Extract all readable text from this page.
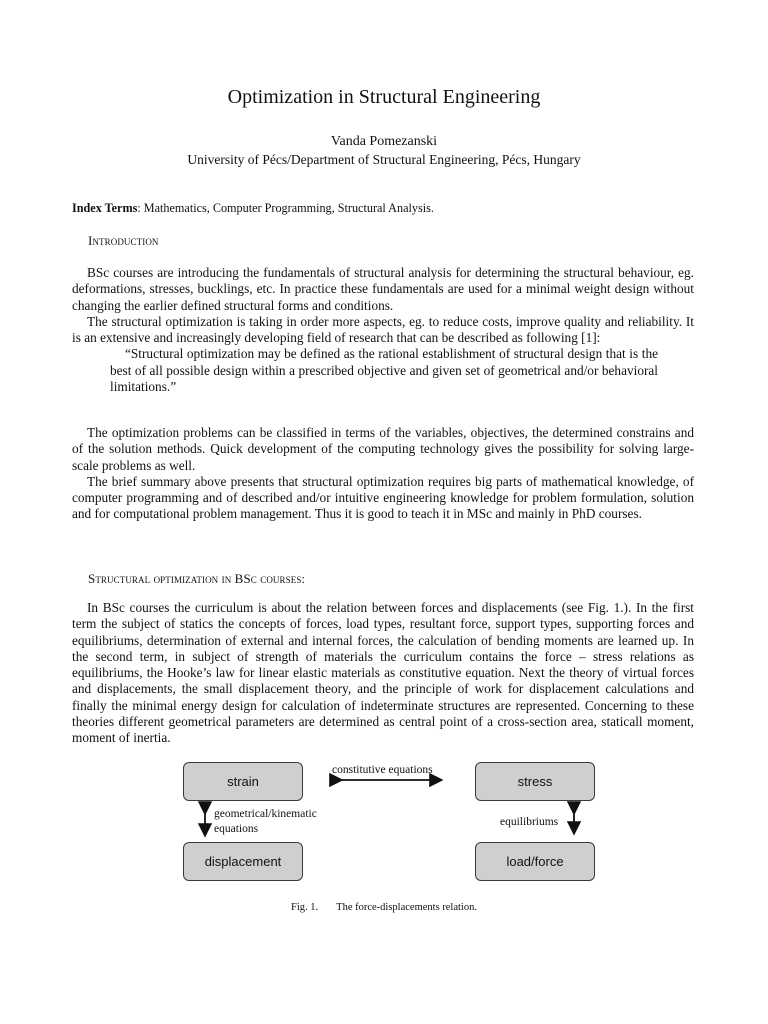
Optimization in Structural Engineering
Vanda Pomezanski
University of Pécs/Department of Structural Engineering, Pécs, Hungary
Index Terms: Mathematics, Computer Programming, Structural Analysis.
Introduction

BSc courses are introducing the fundamentals of structural analysis for determining the structural behaviour, eg. deformations, stresses, bucklings, etc. In practice these fundamentals are used for a minimal weight design without changing the earlier defined structural forms and conditions.

The structural optimization is taking in order more aspects, eg. to reduce costs, improve quality and reliability. It is an extensive and increasingly developing field of research that can be described as following [1]:

“Structural optimization may be defined as the rational establishment of structural design that is the best of all possible design within a prescribed objective and given set of geometrical and/or behavioral limitations.”

The optimization problems can be classified in terms of the variables, objectives, the determined constrains and of the solution methods. Quick development of the computing technology gives the possibility for solving large-scale problems as well.

The brief summary above presents that structural optimization requires big parts of mathematical knowledge, of computer programming and of described and/or intuitive engineering knowledge for problem formulation, solution and for computational problem management. Thus it is good to teach it in MSc and mainly in PhD courses.

Structural optimization in BSc courses:

In BSc courses the curriculum is about the relation between forces and displacements (see Fig. 1.). In the first term the subject of statics the concepts of forces, load types, resultant force, support types, supporting forces and equilibriums, determination of external and internal forces, the calculation of bending moments are learned up. In the second term, in subject of strength of materials the curriculum contains the force – stress relations as equilibriums, the Hooke’s law for linear elastic materials as constitutive equation. Next the theory of virtual forces and displacements, the small displacement theory, and the principle of work for displacement calculations and finally the minimal energy design for calculation of indeterminate structures are represented. Concerning to these theories different geometrical parameters are determined as central point of a cross-section area, staticall moment, moment of inertia.

strain	stress
displacement	load/force
constitutive equations
geometrical/kinematic
equations
equilibriums
Fig. 1. The force-displacements relation.
